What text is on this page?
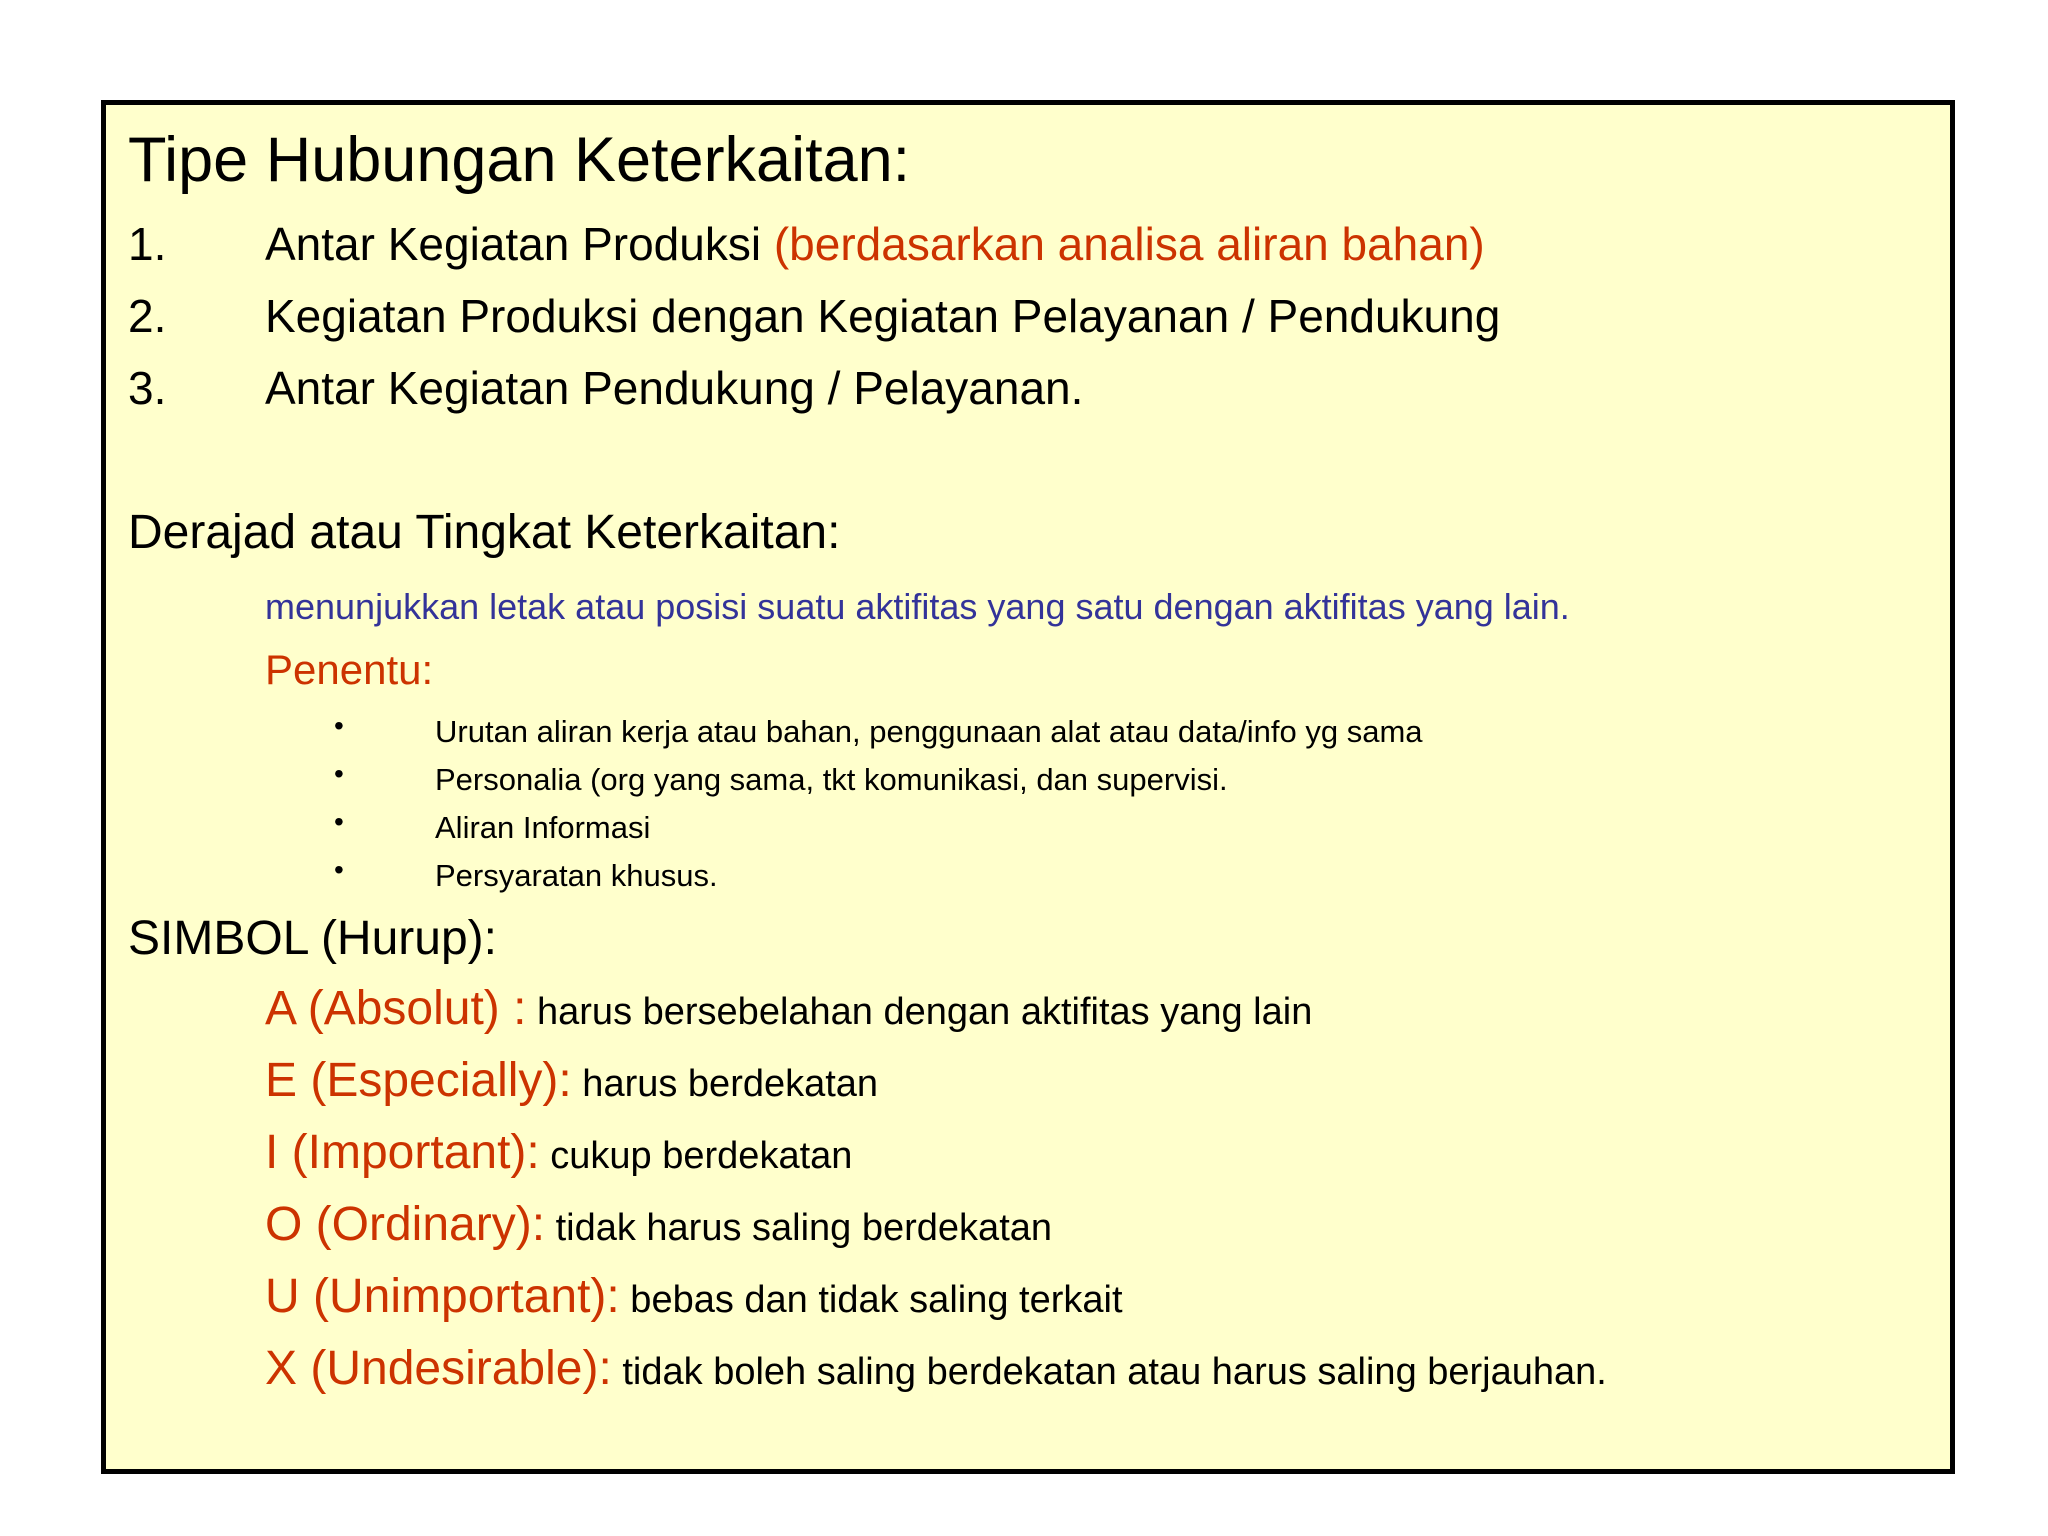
Tipe Hubungan Keterkaitan:
1. Antar Kegiatan Produksi (berdasarkan analisa aliran bahan)
2. Kegiatan Produksi dengan Kegiatan Pelayanan / Pendukung
3. Antar Kegiatan Pendukung / Pelayanan.
Derajad atau Tingkat Keterkaitan:
menunjukkan letak atau posisi suatu aktifitas yang satu dengan aktifitas yang lain.
Penentu:
•	Urutan aliran kerja atau bahan, penggunaan alat atau data/info yg sama
•	Personalia (org yang sama, tkt komunikasi, dan supervisi.
•	Aliran Informasi
•	Persyaratan khusus.
SIMBOL (Hurup):
A (Absolut) : harus bersebelahan dengan aktifitas yang lain
E (Especially): harus berdekatan
I (Important): cukup berdekatan
O (Ordinary): tidak harus saling berdekatan
U (Unimportant): bebas dan tidak saling terkait
X (Undesirable): tidak boleh saling berdekatan atau harus saling berjauhan.
